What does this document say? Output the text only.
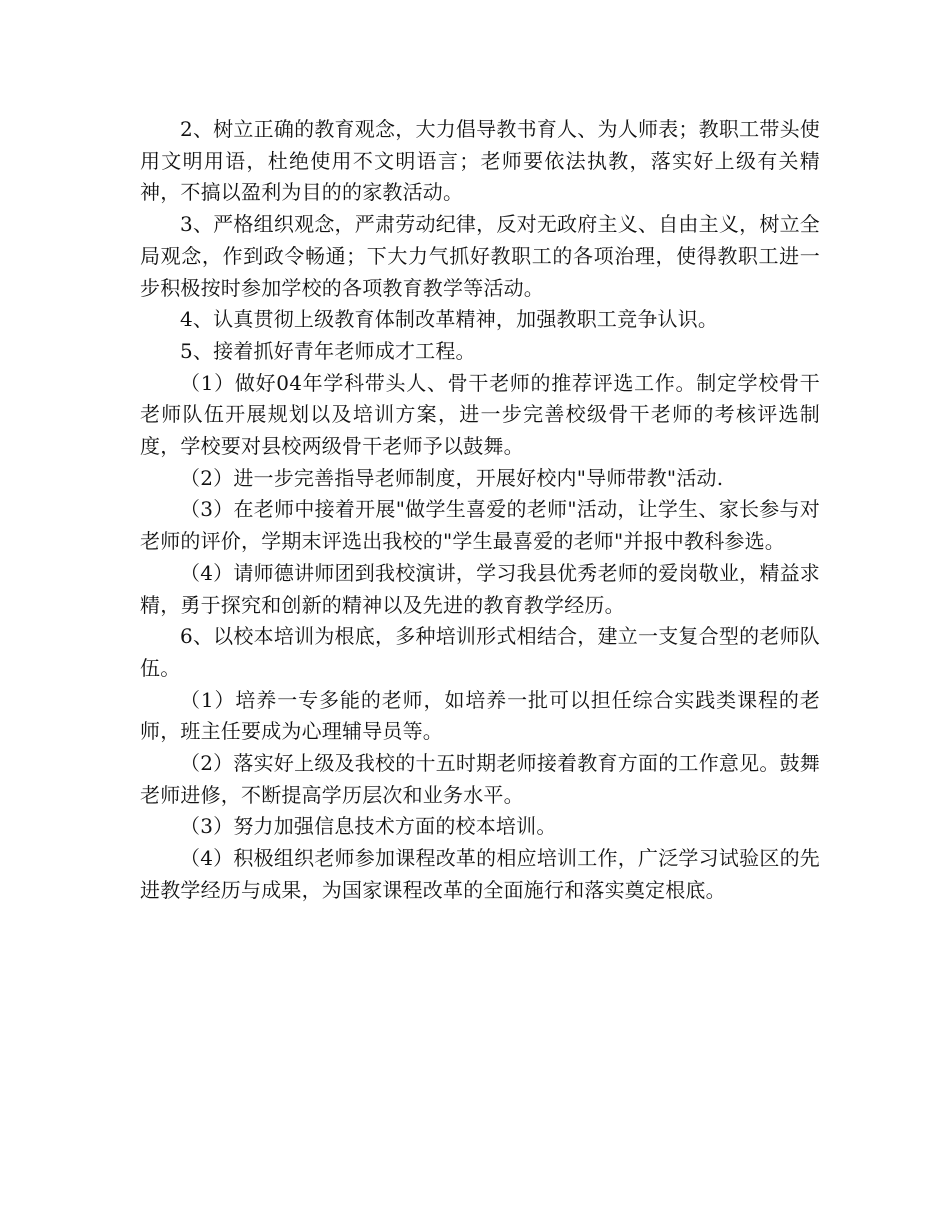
2、树立正确的教育观念，大力倡导教书育人、为人师表；教职工带头使用文明用语，杜绝使用不文明语言；老师要依法执教，落实好上级有关精神，不搞以盈利为目的的家教活动。

3、严格组织观念，严肃劳动纪律，反对无政府主义、自由主义，树立全局观念，作到政令畅通；下大力气抓好教职工的各项治理，使得教职工进一步积极按时参加学校的各项教育教学等活动。

4、认真贯彻上级教育体制改革精神，加强教职工竞争认识。

5、接着抓好青年老师成才工程。

（1）做好04年学科带头人、骨干老师的推荐评选工作。制定学校骨干老师队伍开展规划以及培训方案，进一步完善校级骨干老师的考核评选制度，学校要对县校两级骨干老师予以鼓舞。

（2）进一步完善指导老师制度，开展好校内"导师带教"活动.

（3）在老师中接着开展"做学生喜爱的老师"活动，让学生、家长参与对老师的评价，学期末评选出我校的"学生最喜爱的老师"并报中教科参选。

（4）请师德讲师团到我校演讲，学习我县优秀老师的爱岗敬业，精益求精，勇于探究和创新的精神以及先进的教育教学经历。

6、以校本培训为根底，多种培训形式相结合，建立一支复合型的老师队伍。

（1）培养一专多能的老师，如培养一批可以担任综合实践类课程的老师，班主任要成为心理辅导员等。

（2）落实好上级及我校的十五时期老师接着教育方面的工作意见。鼓舞老师进修，不断提高学历层次和业务水平。

（3）努力加强信息技术方面的校本培训。

（4）积极组织老师参加课程改革的相应培训工作，广泛学习试验区的先进教学经历与成果，为国家课程改革的全面施行和落实奠定根底。
